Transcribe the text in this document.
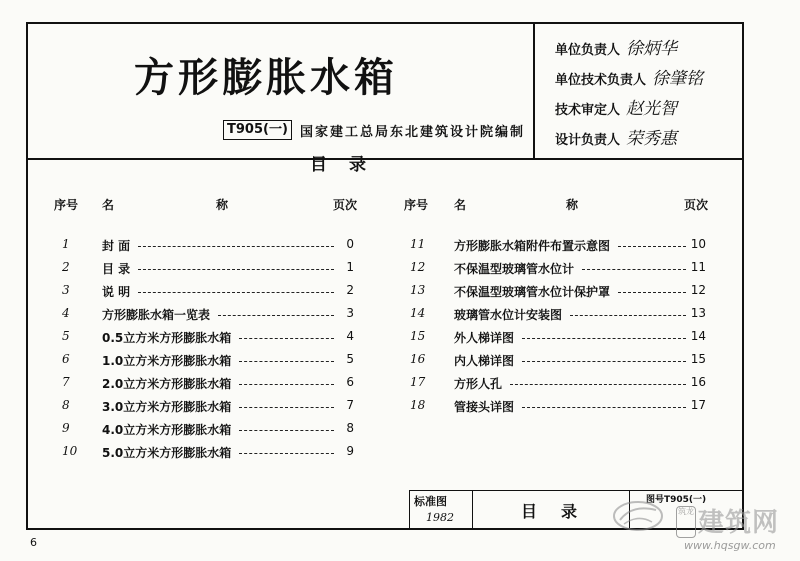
方形膨胀水箱
T905(一) 国家建工总局东北建筑设计院编制
单位负责人 徐炳华
单位技术负责人 徐肇铭
技术审定人 赵光智
设计负责人 荣秀惠
目录
序号 名	称	页次	序号 名	称	页次
1	封 面	0
2	目 录	1
3	说 明	2
4	方形膨胀水箱一览表	3
5	0.5立方米方形膨胀水箱	4
6	1.0立方米方形膨胀水箱	5
7	2.0立方米方形膨胀水箱	6
8	3.0立方米方形膨胀水箱	7
9	4.0立方米方形膨胀水箱	8
10 5.0立方米方形膨胀水箱	9
11 方形膨胀水箱附件布置示意图	10
12 不保温型玻璃管水位计	11
13 不保温型玻璃管水位计保护罩	12
14 玻璃管水位计安装图	13
15 外人梯详图	14
16 内人梯详图	15
17 方形人孔	16
18 管接头详图	17
标准图
1982	目录
图号T905(一)
6
筑龙 建筑网
www.hqsgw.com
